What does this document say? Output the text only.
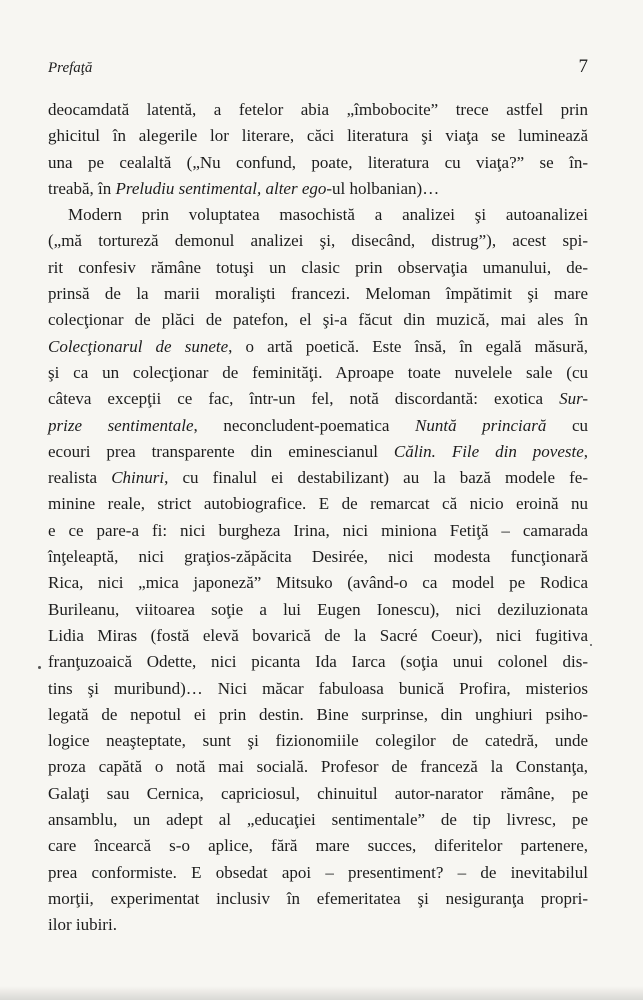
Prefaţă	7
deocamdată latentă, a fetelor abia „îmbobocite” trece astfel prin
ghicitul în alegerile lor literare, căci literatura şi viaţa se luminează
una pe cealaltă („Nu confund, poate, literatura cu viaţa?” se în-
treabă, în Preludiu sentimental, alter ego-ul holbanian)…
Modern prin voluptatea masochistă a analizei şi autoanalizei
(„mă tortureză demonul analizei şi, disecând, distrug”), acest spi-
rit confesiv rămâne totuşi un clasic prin observaţia umanului, de-
prinsă de la marii moralişti francezi. Meloman împătimit şi mare
colecţionar de plăci de patefon, el şi-a făcut din muzică, mai ales în
Colecţionarul de sunete, o artă poetică. Este însă, în egală măsură,
şi ca un colecţionar de feminităţi. Aproape toate nuvelele sale (cu
câteva excepţii ce fac, într-un fel, notă discordantă: exotica Sur-
prize sentimentale, neconcludent-poematica Nuntă princiară cu
ecouri prea transparente din eminescianul Călin. File din poveste,
realista Chinuri, cu finalul ei destabilizant) au la bază modele fe-
minine reale, strict autobiografice. E de remarcat că nicio eroină nu
e ce pare-a fi: nici burgheza Irina, nici miniona Fetiţă – camarada
înţeleaptă, nici graţios-zăpăcita Desirée, nici modesta funcţionară
Rica, nici „mica japoneză” Mitsuko (având-o ca model pe Rodica
Burileanu, viitoarea soţie a lui Eugen Ionescu), nici deziluzionata
Lidia Miras (fostă elevă bovarică de la Sacré Coeur), nici fugitiva
franţuzoaică Odette, nici picanta Ida Iarca (soţia unui colonel dis-
tins şi muribund)… Nici măcar fabuloasa bunică Profira, misterios
legată de nepotul ei prin destin. Bine surprinse, din unghiuri psiho-
logice neaşteptate, sunt şi fizionomiile colegilor de catedră, unde
proza capătă o notă mai socială. Profesor de franceză la Constanţa,
Galaţi sau Cernica, capriciosul, chinuitul autor-narator rămâne, pe
ansamblu, un adept al „educaţiei sentimentale” de tip livresc, pe
care încearcă s-o aplice, fără mare succes, diferitelor partenere,
prea conformiste. E obsedat apoi – presentiment? – de inevitabilul
morţii, experimentat inclusiv în efemeritatea şi nesiguranţa propri-
ilor iubiri.
